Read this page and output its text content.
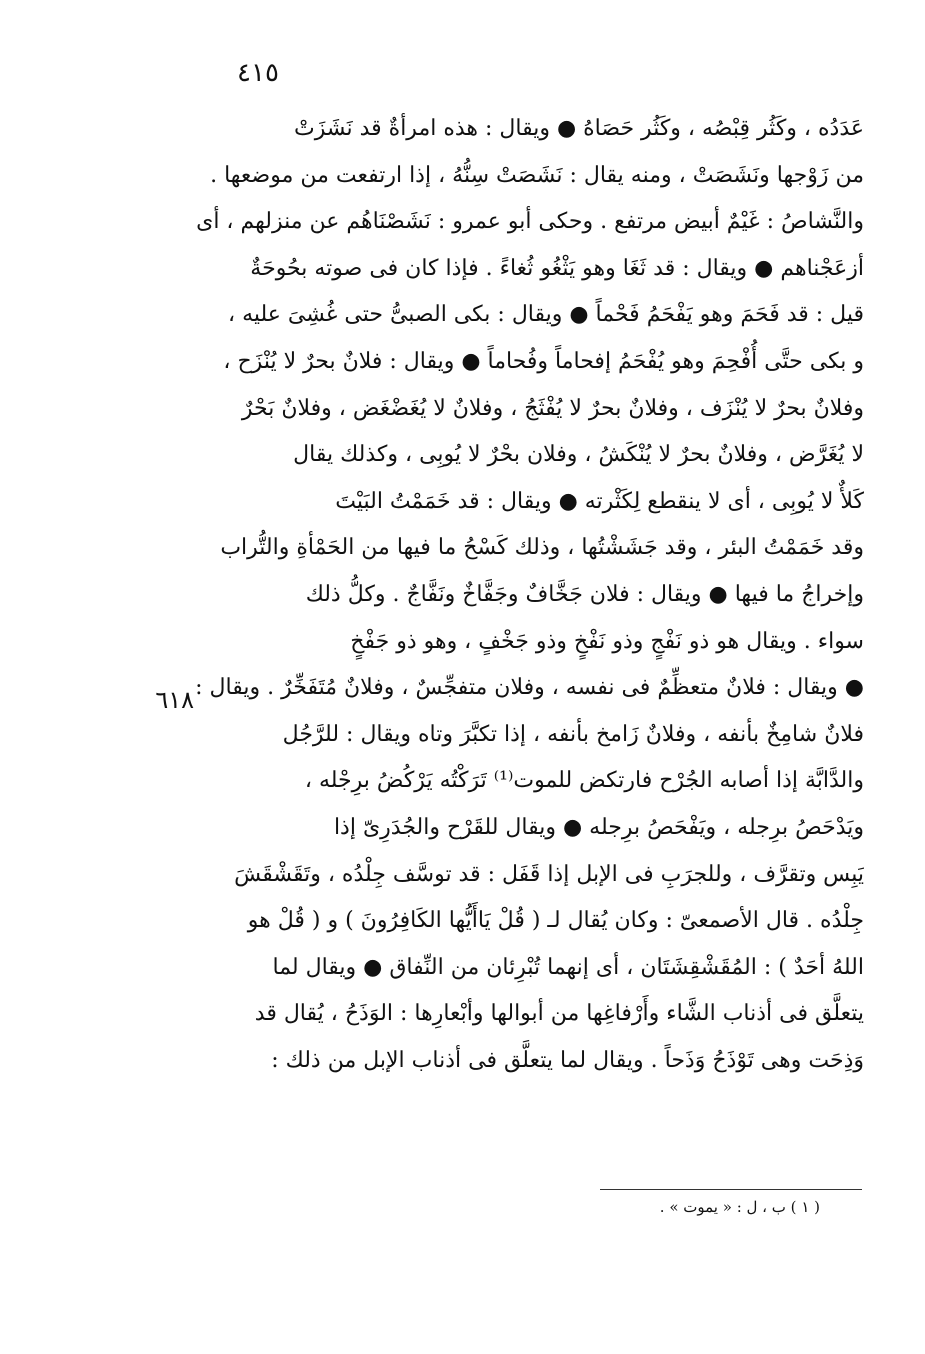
٤١٥
عَدَدُه ، وكَثُر قِبْصُه ، وكَثُر حَصَاهُ ● ويقال : هذه امرأةٌ قد نَشَزَتْ
من زَوْجها ونَشَصَتْ ، ومنه يقال : نَشَصَتْ سِنُّهُ ، إذا ارتفعت من موضعها .
والنَّشاصُ : غَيْمٌ أبيض مرتفع . وحكى أبو عمرو : نَشَصْنَاهُم عن منزلهم ، أى
أزعَجْناهم ● ويقال : قد ثَغَا وهو يَثْغُو ثُغاءً . فإذا كان فى صوته بحُوحَةٌ
قيل : قد فَحَمَ وهو يَفْحَمُ فَحْماً ● ويقال : بكى الصبىُّ حتى غُشِىَ عليه ،
و بكى حتَّى أُفْحِمَ وهو يُفْحَمُ إفحاماً وفُحاماً ● ويقال : فلانٌ بحرٌ لا يُنْزَح ،
وفلانٌ بحرٌ لا يُنْزَف ، وفلانٌ بحرٌ لا يُفْثَجُ ، وفلانٌ لا يُغَضْغَض ، وفلانٌ بَحْرٌ
لا يُغَرَّض ، وفلانٌ بحرٌ لا يُنْكَشُ ، وفلان بحْرٌ لا يُوبِى ، وكذلك يقال
كَلأٌ لا يُوبِى ، أى لا ينقطع لِكَثْرته ● ويقال : قد خَمَمْتُ البَيْتَ
وقد خَمَمْتُ البئر ، وقد جَشَشْتُها ، وذلك كَسْحُ ما فيها من الحَمْأةِ والتُّراب
وإخراجُ ما فيها ● ويقال : فلان جَخَّافٌ وجَفَّاخٌ ونَفَّاجٌ . وكلُّ ذلك
سواء . ويقال هو ذو نَفْجٍ وذو نَفْخٍ وذو جَخْفٍ ، وهو ذو جَفْخٍ
● ويقال : فلانٌ متعظِّمٌ فى نفسه ، وفلان متفجِّسٌ ، وفلانٌ مُتَفَخِّرٌ . ويقال :
فلانٌ شامِخٌ بأنفه ، وفلانٌ زَامخ بأنفه ، إذا تكبَّرَ وتاه ويقال : للرَّجُل
والدَّابَّة إذا أصابه الجُرْح فارتكض للموت⁽¹⁾ تَرَكْتُه يَرْكُضُ برِجْله ،
ويَدْحَصُ برِجله ، ويَفْحَصُ برِجله ● ويقال للقَرْح والجُدَرِىّ إذا
يَبِس وتقرَّف ، وللجرَبِ فى الإبل إذا قَفَل : قد توسَّف جِلْدُه ، وتَقَشْقَشَ
جِلْدُه . قال الأصمعىّ : وكان يُقال لـ ( قُلْ يَاأَيُّها الكَافِرُونَ ) و ( قُلْ هو
اللهُ أحَدٌ ) : المُقَشْقِشَتَان ، أى إنهما تُبْرِئان من النِّفاق ● ويقال لما
يتعلَّق فى أذناب الشَّاء وأَرْفاغِها من أبوالها وأبْعارِها : الوَذَحُ ، يُقال قد
وَذِحَت وهى تَوْذَحُ وَذَحاً . ويقال لما يتعلَّق فى أذناب الإبل من ذلك :
٦١٨
( ١ ) ب ، ل : « يموت » .
